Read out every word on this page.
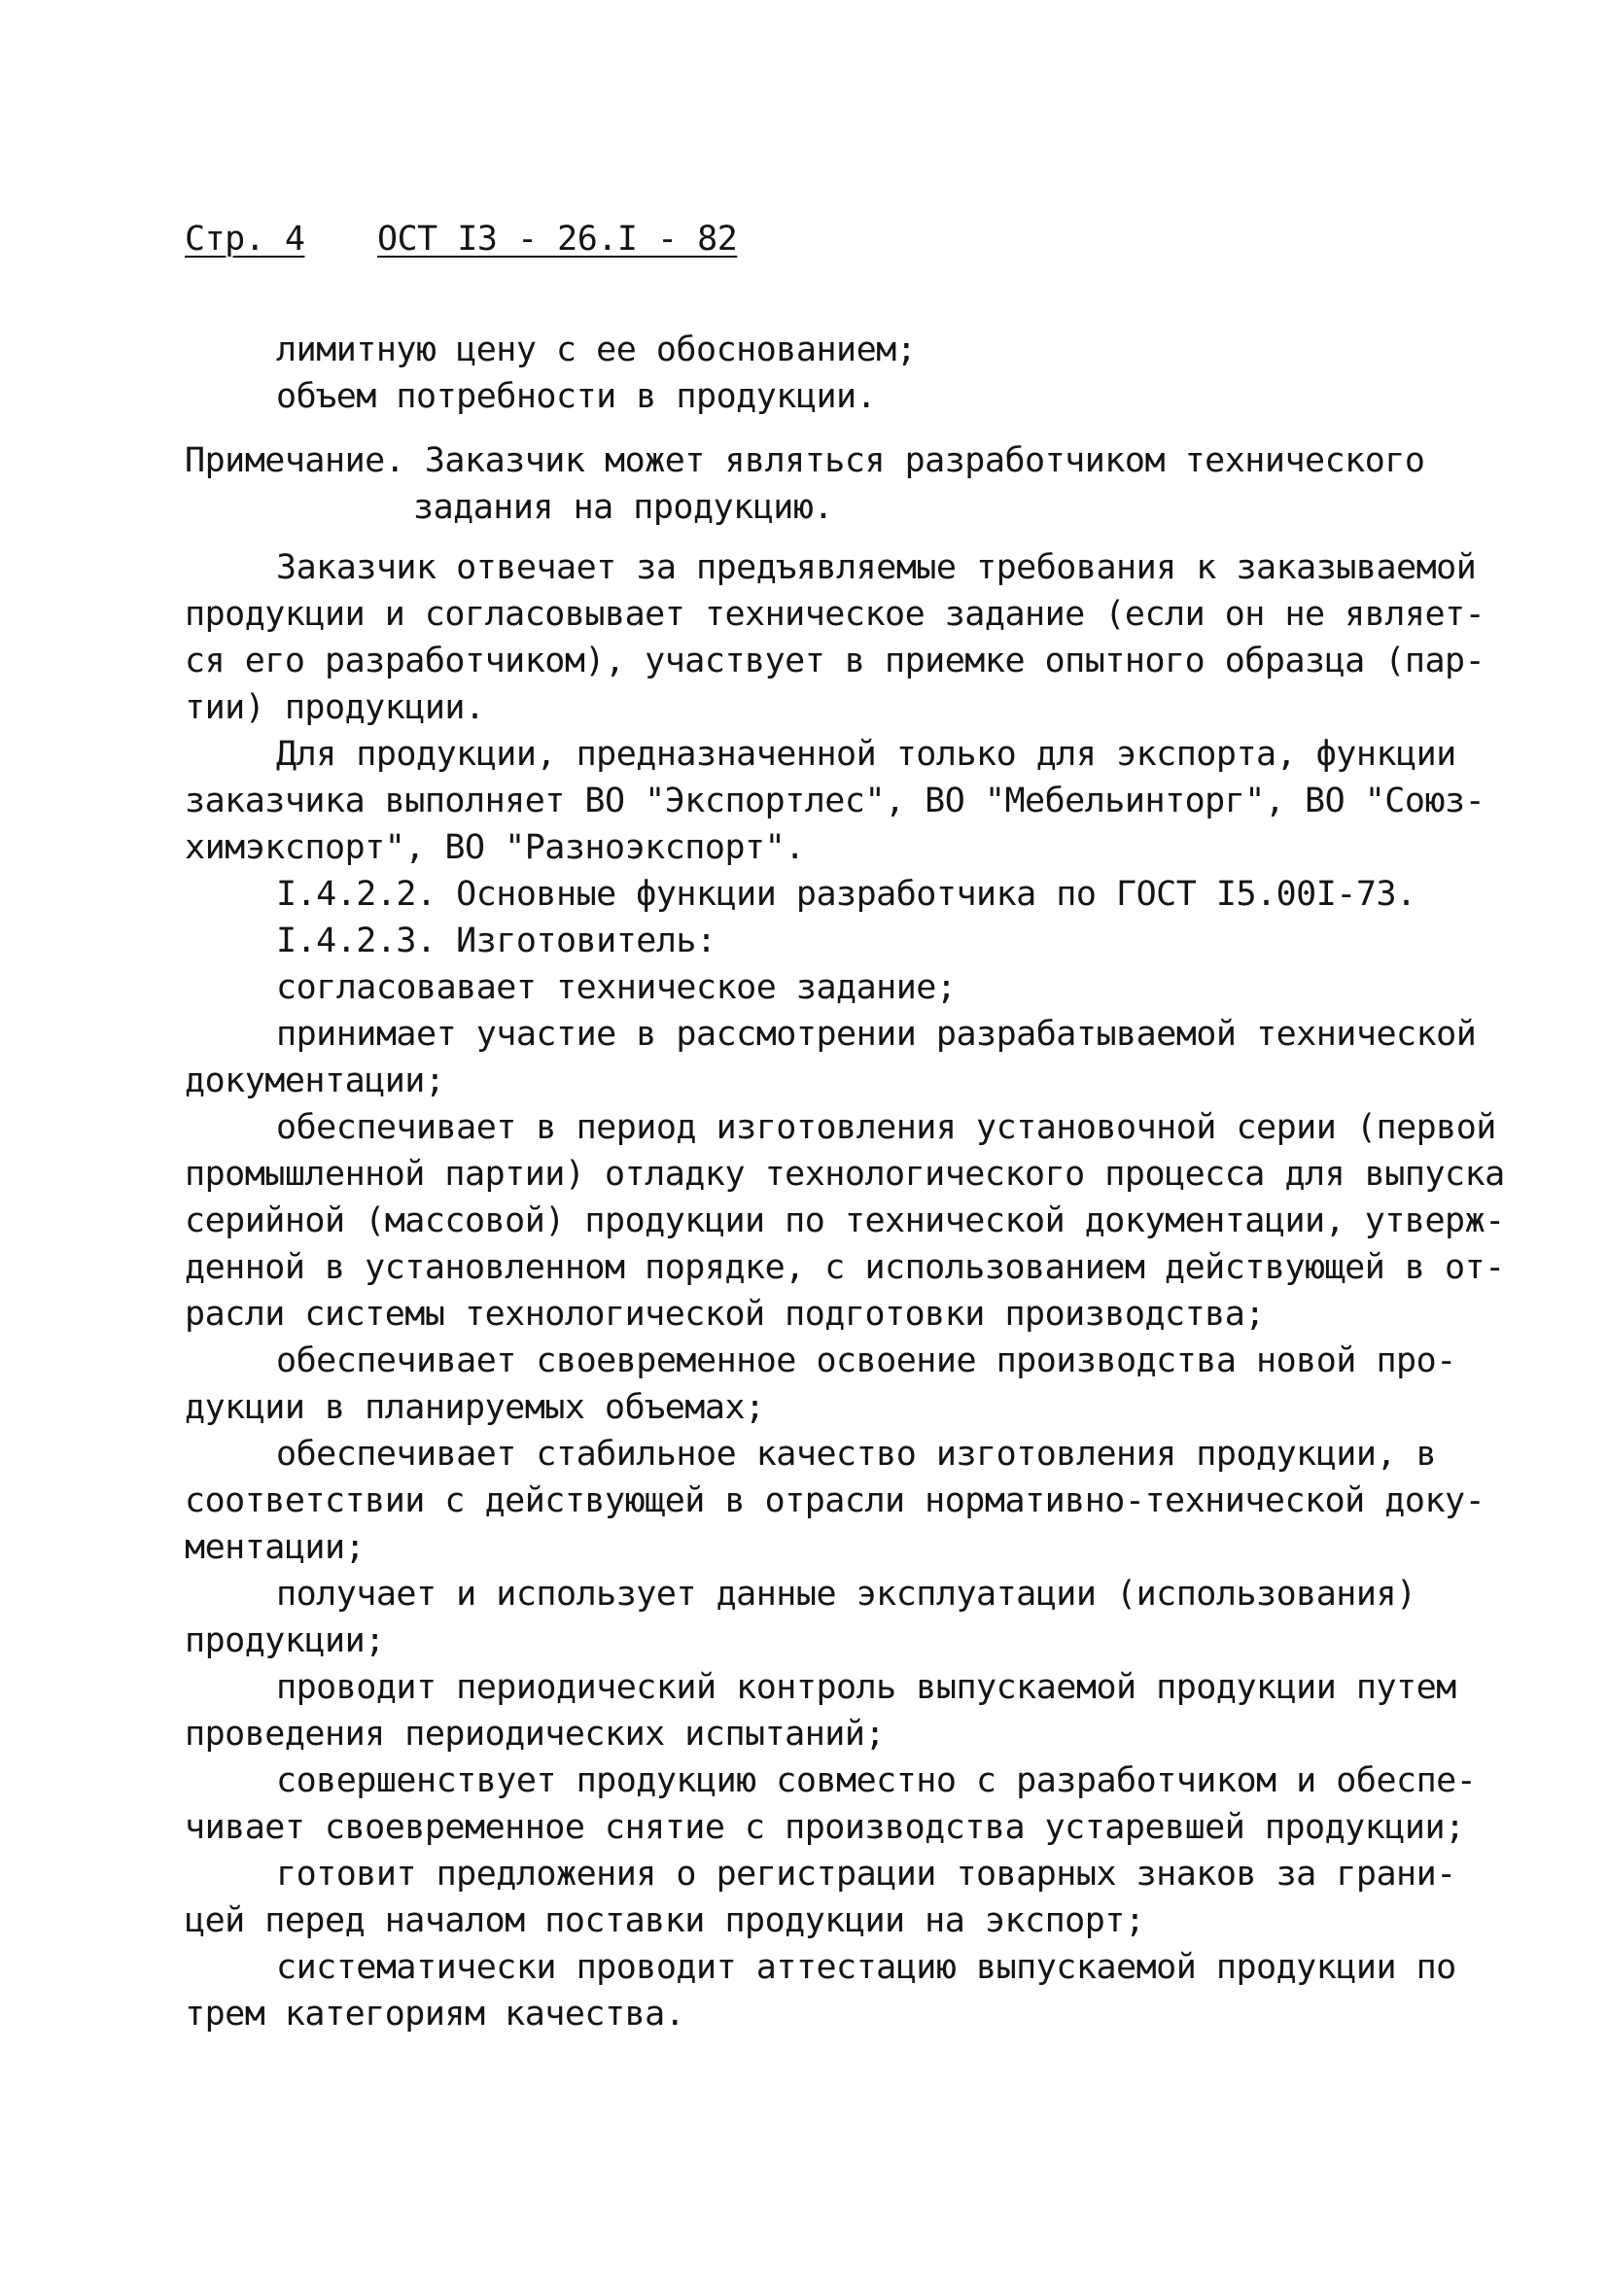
Стр. 4 ОСТ I3 - 26.I - 82
лимитную цену с ее обоснованием;
объем потребности в продукции.
Примечание. Заказчик может являться разработчиком технического
задания на продукцию.
Заказчик отвечает за предъявляемые требования к заказываемой
продукции и согласовывает техническое задание (если он не являет-
ся его разработчиком), участвует в приемке опытного образца (пар-
тии) продукции.
Для продукции, предназначенной только для экспорта, функции
заказчика выполняет ВО "Экспортлес", ВО "Мебельинторг", ВО "Союз-
химэкспорт", ВО "Разноэкспорт".
I.4.2.2. Основные функции разработчика по ГОСТ I5.00I-73.
I.4.2.3. Изготовитель:
согласовавает техническое задание;
принимает участие в рассмотрении разрабатываемой технической
документации;
обеспечивает в период изготовления установочной серии (первой
промышленной партии) отладку технологического процесса для выпуска
серийной (массовой) продукции по технической документации, утверж-
денной в установленном порядке, с использованием действующей в от-
расли системы технологической подготовки производства;
обеспечивает своевременное освоение производства новой про-
дукции в планируемых объемах;
обеспечивает стабильное качество изготовления продукции, в
соответствии с действующей в отрасли нормативно-технической доку-
ментации;
получает и использует данные эксплуатации (использования)
продукции;
проводит периодический контроль выпускаемой продукции путем
проведения периодических испытаний;
совершенствует продукцию совместно с разработчиком и обеспе-
чивает своевременное снятие с производства устаревшей продукции;
готовит предложения о регистрации товарных знаков за грани-
цей перед началом поставки продукции на экспорт;
систематически проводит аттестацию выпускаемой продукции по
трем категориям качества.
